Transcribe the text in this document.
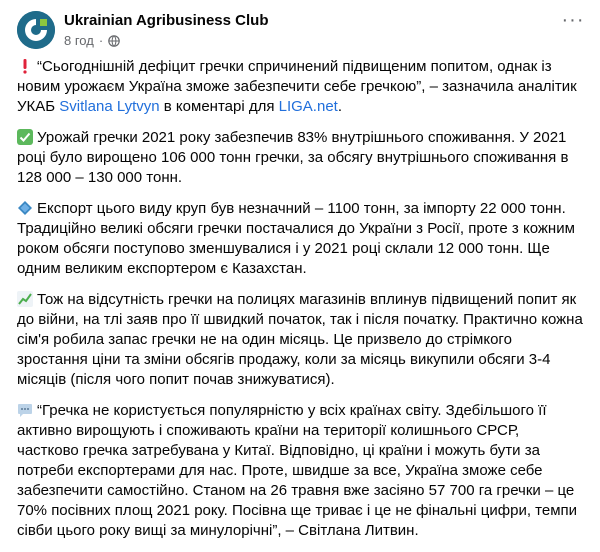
Ukrainian Agribusiness Club
8 год ·
···

“Сьогоднішній дефіцит гречки спричинений підвищеним попитом, однак із новим урожаєм Україна зможе забезпечити себе гречкою”, – зазначила аналітик УКАБ Svitlana Lytvyn в коментарі для LIGA.net.

Урожай гречки 2021 року забезпечив 83% внутрішнього споживання. У 2021 році було вирощено 106 000 тонн гречки, за обсягу внутрішнього споживання в 128 000 – 130 000 тонн.

Експорт цього виду круп був незначний – 1100 тонн, за імпорту 22 000 тонн. Традиційно великі обсяги гречки постачалися до України з Росії, проте з кожним роком обсяги поступово зменшувалися і у 2021 році склали 12 000 тонн. Ще одним великим експортером є Казахстан.

Тож на відсутність гречки на полицях магазинів вплинув підвищений попит як до війни, на тлі заяв про її швидкий початок, так і після початку. Практично кожна сім'я робила запас гречки не на один місяць. Це призвело до стрімкого зростання ціни та зміни обсягів продажу, коли за місяць викупили обсяги 3-4 місяців (після чого попит почав знижуватися).

“Гречка не користується популярністю у всіх країнах світу. Здебільшого її активно вирощують і споживають країни на території колишнього СРСР, частково гречка затребувана у Китаї. Відповідно, ці країни і можуть бути за потреби експортерами для нас. Проте, швидше за все, Україна зможе себе забезпечити самостійно. Станом на 26 травня вже засіяно 57 700 га гречки – це 70% посівних площ 2021 року. Посівна ще триває і це не фінальні цифри, темпи сівби цього року вищі за минулорічні”, – Світлана Литвин.
